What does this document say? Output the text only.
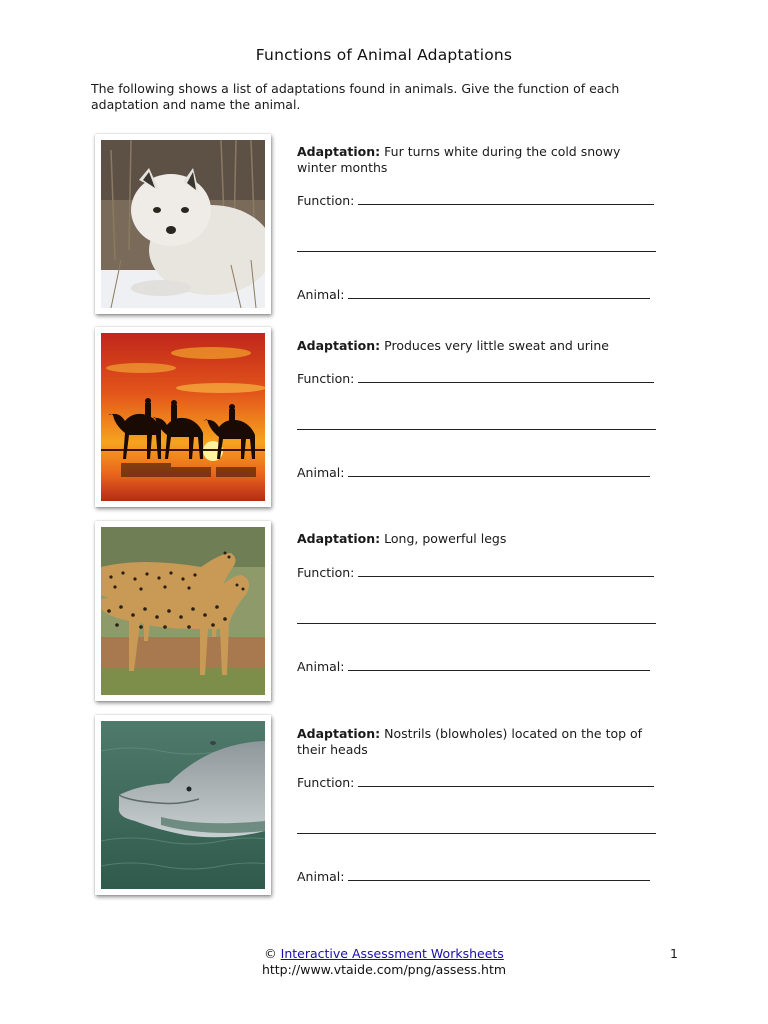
Functions of Animal Adaptations
The following shows a list of adaptations found in animals. Give the function of each adaptation and name the animal.
Adaptation: Fur turns white during the cold snowy winter months
Function:
Animal:
Adaptation: Produces very little sweat and urine
Function:
Animal:
Adaptation: Long, powerful legs
Function:
Animal:
Adaptation: Nostrils (blowholes) located on the top of their heads
Function:
Animal:
© Interactive Assessment Worksheets
http://www.vtaide.com/png/assess.htm
1
